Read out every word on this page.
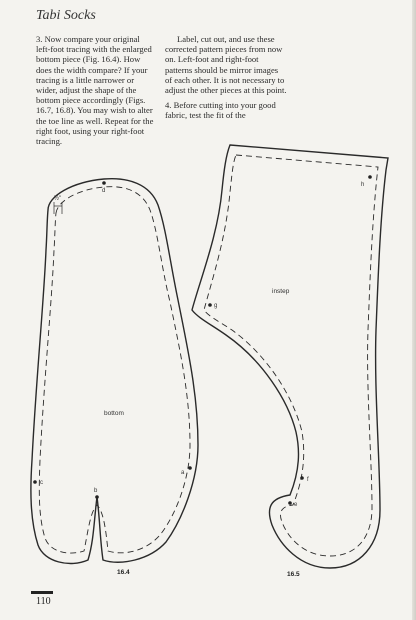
Tabi Socks

3. Now compare your original left-foot tracing with the enlarged bottom piece (Fig. 16.4). How does the width compare? If your tracing is a little narrower or wider, adjust the shape of the bottom piece accordingly (Figs. 16.7, 16.8). You may wish to alter the toe line as well. Repeat for the right foot, using your right-foot tracing.

Label, cut out, and use these corrected pattern pieces from now on. Left-foot and right-foot patterns should be mirror images of each other. It is not necessary to adjust the other pieces at this point.

4. Before cutting into your good fabric, test the fit of the

½"
d
a
c
b
bottom
16.4
h
g
f
e
instep
16.5
110
